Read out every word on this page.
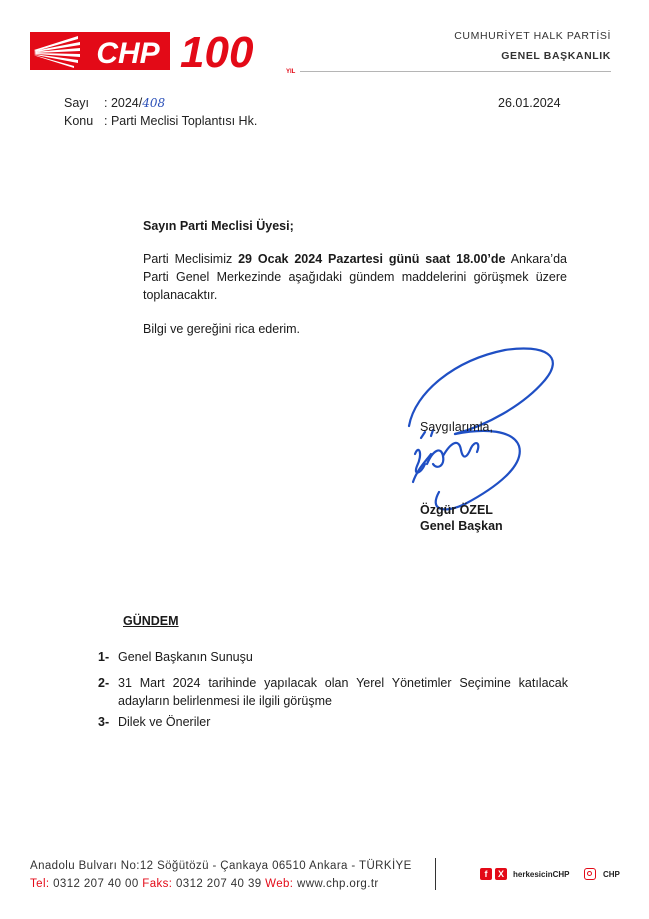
CHP 100	YIL
CUMHURİYET HALK PARTİSİ
GENEL BAŞKANLIK
Sayı : 2024/408
Konu : Parti Meclisi Toplantısı Hk.
26.01.2024
Sayın Parti Meclisi Üyesi;
Parti Meclisimiz 29 Ocak 2024 Pazartesi günü saat 18.00’de Ankara’da Parti Genel Merkezinde aşağıdaki gündem maddelerini görüşmek üzere toplanacaktır.
Bilgi ve gereğini rica ederim.
Saygılarımla,
Özgür ÖZEL
Genel Başkan
GÜNDEM
1- Genel Başkanın Sunuşu
2- 31 Mart 2024 tarihinde yapılacak olan Yerel Yönetimler Seçimine katılacak adayların belirlenmesi ile ilgili görüşme
3- Dilek ve Öneriler
Anadolu Bulvarı No:12 Söğütözü - Çankaya 06510 Ankara - TÜRKİYE
Tel: 0312 207 40 00 Faks: 0312 207 40 39 Web: www.chp.org.tr
f	X	herkesicinCHP	CHP
